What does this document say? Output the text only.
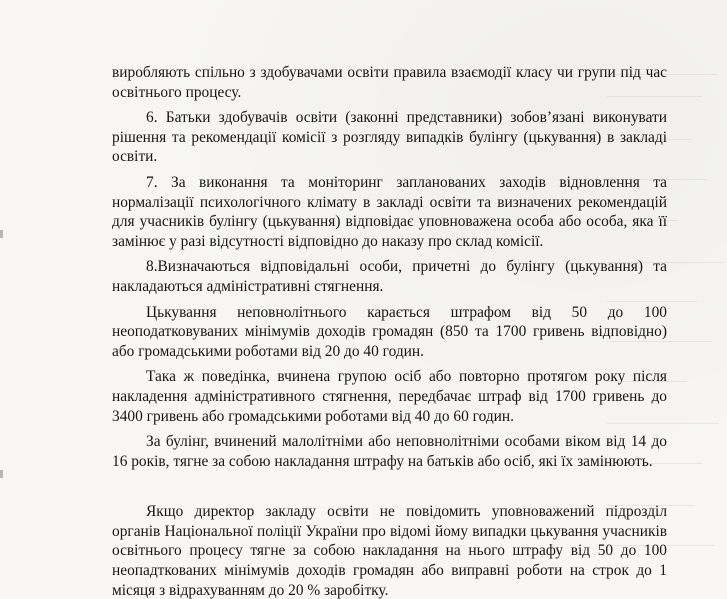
виробляють спільно з здобувачами освіти правила взаємодії класу чи групи під час освітнього процесу.

6. Батьки здобувачів освіти (законні представники) зобов’язані виконувати рішення та рекомендації комісії з розгляду випадків булінгу (цькування) в закладі освіти.

7. За виконання та моніторинг запланованих заходів відновлення та нормалізації психологічного клімату в закладі освіти та визначених рекомендацій для учасників булінгу (цькування) відповідає уповноважена особа або особа, яка її замінює у разі відсутності відповідно до наказу про склад комісії.

8.Визначаються відповідальні особи, причетні до булінгу (цькування) та накладаються адміністративні стягнення.

Цькування неповнолітнього карається штрафом від 50 до 100 неоподатковуваних мінімумів доходів громадян (850 та 1700 гривень відповідно) або громадськими роботами від 20 до 40 годин.

Така ж поведінка, вчинена групою осіб або повторно протягом року після накладення адміністративного стягнення, передбачає штраф від 1700 гривень до 3400 гривень або громадськими роботами від 40 до 60 годин.

За булінг, вчинений малолітніми або неповнолітніми особами віком від 14 до 16 років, тягне за собою накладання штрафу на батьків або осіб, які їх замінюють.

Якщо директор закладу освіти не повідомить уповноважений підрозділ органів Національної поліції України про відомі йому випадки цькування учасників освітнього процесу тягне за собою накладання на нього штрафу від 50 до 100 неопадткованих мінімумів доходів громадян або виправні роботи на строк до 1 місяця з відрахуванням до 20 % заробітку.
